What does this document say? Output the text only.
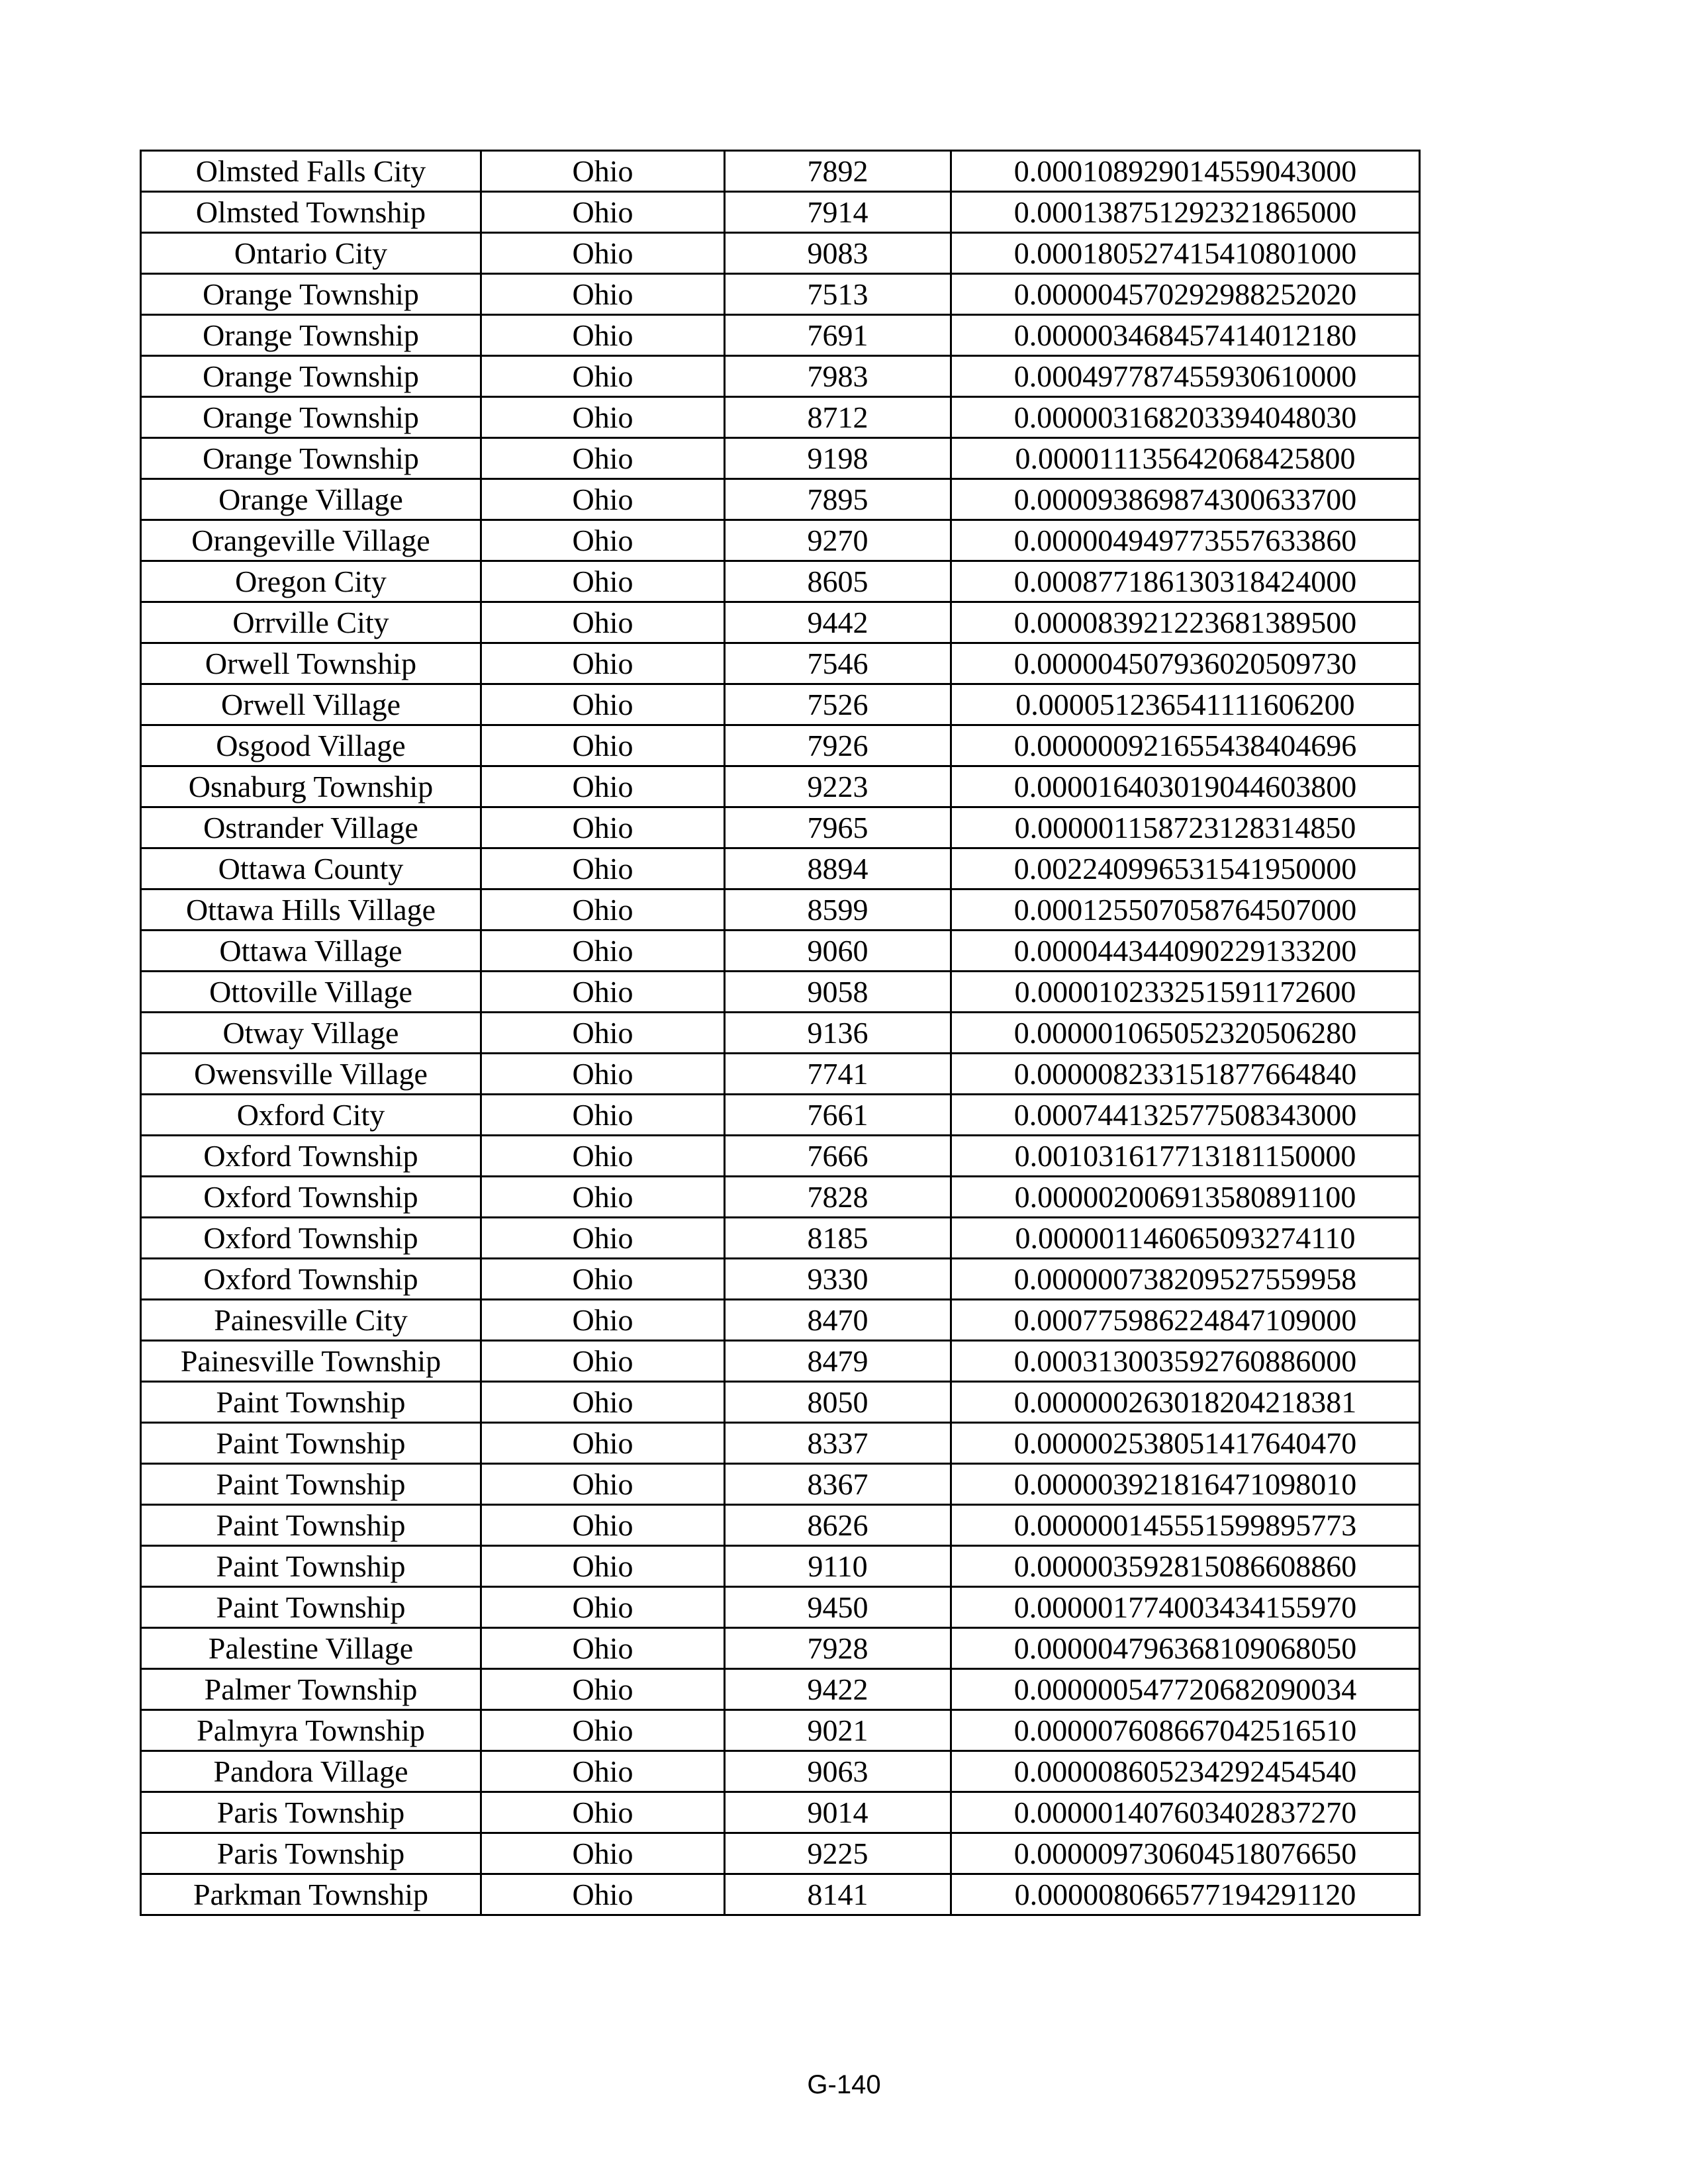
Olmsted Falls City	Ohio	7892	0.000108929014559043000
Olmsted Township	Ohio	7914	0.000138751292321865000
Ontario City	Ohio	9083	0.000180527415410801000
Orange Township	Ohio	7513	0.000004570292988252020
Orange Township	Ohio	7691	0.000003468457414012180
Orange Township	Ohio	7983	0.000497787455930610000
Orange Township	Ohio	8712	0.000003168203394048030
Orange Township	Ohio	9198	0.000011135642068425800
Orange Village	Ohio	7895	0.000093869874300633700
Orangeville Village	Ohio	9270	0.000004949773557633860
Oregon City	Ohio	8605	0.000877186130318424000
Orrville City	Ohio	9442	0.000083921223681389500
Orwell Township	Ohio	7546	0.000004507936020509730
Orwell Village	Ohio	7526	0.000051236541111606200
Osgood Village	Ohio	7926	0.000000921655438404696
Osnaburg Township	Ohio	9223	0.000016403019044603800
Ostrander Village	Ohio	7965	0.000001158723128314850
Ottawa County	Ohio	8894	0.002240996531541950000
Ottawa Hills Village	Ohio	8599	0.000125507058764507000
Ottawa Village	Ohio	9060	0.000044344090229133200
Ottoville Village	Ohio	9058	0.000010233251591172600
Otway Village	Ohio	9136	0.000001065052320506280
Owensville Village	Ohio	7741	0.000008233151877664840
Oxford City	Ohio	7661	0.000744132577508343000
Oxford Township	Ohio	7666	0.001031617713181150000
Oxford Township	Ohio	7828	0.000002006913580891100
Oxford Township	Ohio	8185	0.000001146065093274110
Oxford Township	Ohio	9330	0.000000738209527559958
Painesville City	Ohio	8470	0.000775986224847109000
Painesville Township	Ohio	8479	0.000313003592760886000
Paint Township	Ohio	8050	0.000000263018204218381
Paint Township	Ohio	8337	0.000002538051417640470
Paint Township	Ohio	8367	0.000003921816471098010
Paint Township	Ohio	8626	0.000000145551599895773
Paint Township	Ohio	9110	0.000003592815086608860
Paint Township	Ohio	9450	0.000001774003434155970
Palestine Village	Ohio	7928	0.000004796368109068050
Palmer Township	Ohio	9422	0.000000547720682090034
Palmyra Township	Ohio	9021	0.000007608667042516510
Pandora Village	Ohio	9063	0.000008605234292454540
Paris Township	Ohio	9014	0.000001407603402837270
Paris Township	Ohio	9225	0.000009730604518076650
Parkman Township	Ohio	8141	0.000008066577194291120
G-140
